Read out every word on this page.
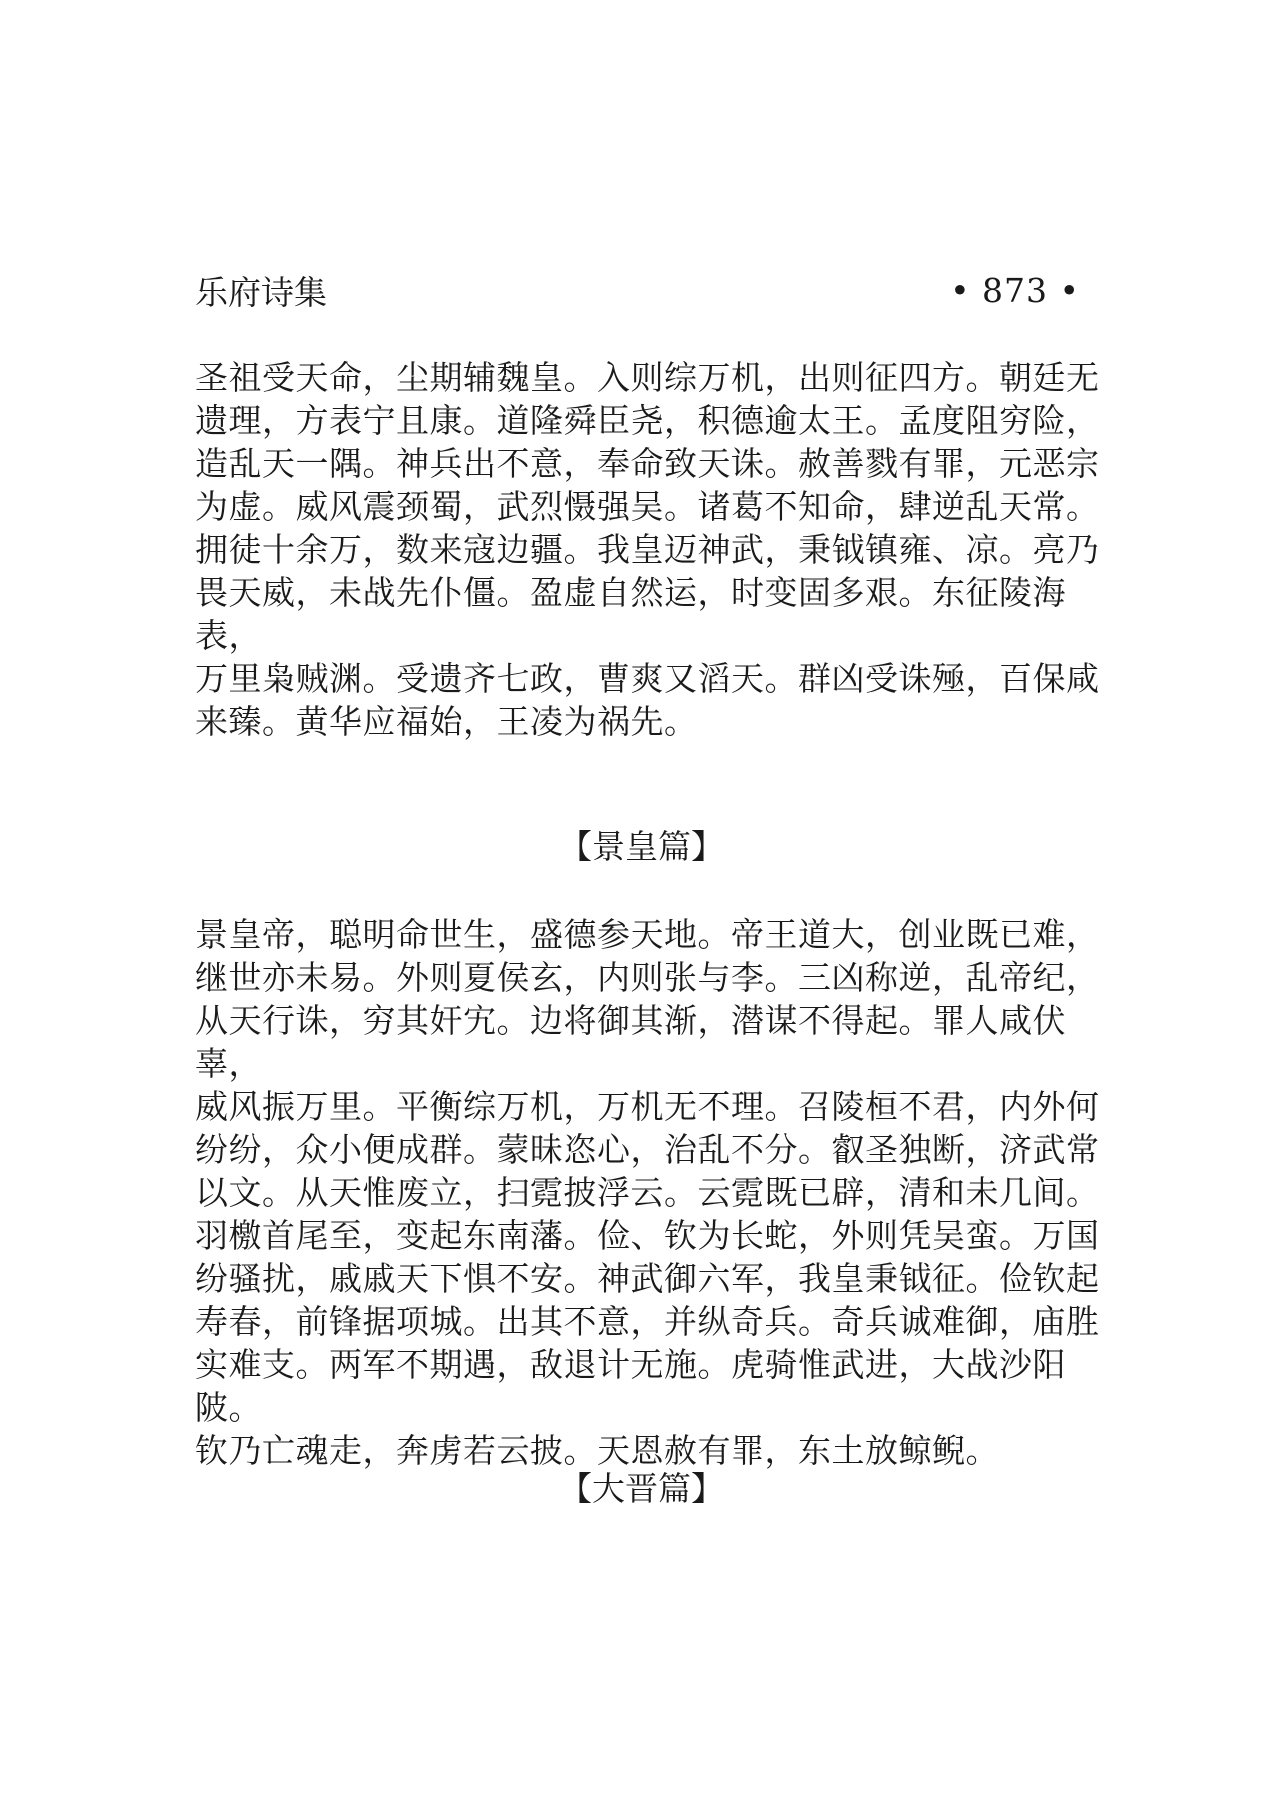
乐府诗集	• 873 •

圣祖受天命，尘期辅魏皇。入则综万机，出则征四方。朝廷无
遗理，方表宁且康。道隆舜臣尧，积德逾太王。孟度阻穷险，
造乱天一隅。神兵出不意，奉命致天诛。赦善戮有罪，元恶宗
为虚。威风震颈蜀，武烈慑强吴。诸葛不知命，肆逆乱天常。
拥徒十余万，数来寇边疆。我皇迈神武，秉钺镇雍、凉。亮乃
畏天威，未战先仆僵。盈虚自然运，时变固多艰。东征陵海表，
万里枭贼渊。受遗齐七政，曹爽又滔天。群凶受诛殛，百保咸
来臻。黄华应福始，王凌为祸先。

【景皇篇】

景皇帝，聪明命世生，盛德参天地。帝王道大，创业既已难，
继世亦未易。外则夏侯玄，内则张与李。三凶称逆，乱帝纪，
从天行诛，穷其奸宄。边将御其渐，潜谋不得起。罪人咸伏辜，
威风振万里。平衡综万机，万机无不理。召陵桓不君，内外何
纷纷，众小便成群。蒙昧恣心，治乱不分。叡圣独断，济武常
以文。从天惟废立，扫霓披浮云。云霓既已辟，清和未几间。
羽檄首尾至，变起东南藩。俭、钦为长蛇，外则凭吴蛮。万国
纷骚扰，戚戚天下惧不安。神武御六军，我皇秉钺征。俭钦起
寿春，前锋据项城。出其不意，并纵奇兵。奇兵诚难御，庙胜
实难支。两军不期遇，敌退计无施。虎骑惟武进，大战沙阳陂。
钦乃亡魂走，奔虏若云披。天恩赦有罪，东土放鲸鲵。

【大晋篇】
